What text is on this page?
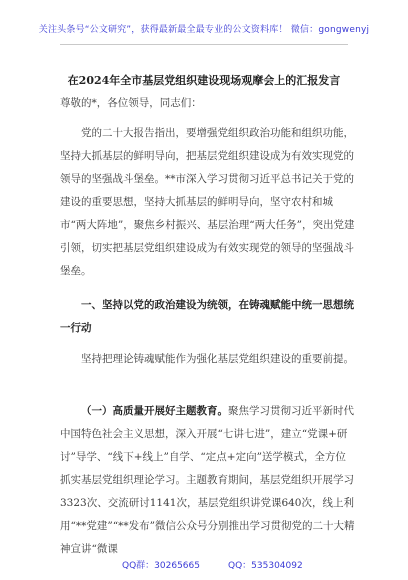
关注头条号“公文研究”，获得最新最全最专业的公文资料库！ 微信：gongwenyj
在2024年全市基层党组织建设现场观摩会上的汇报发言

尊敬的*，各位领导，同志们：

党的二十大报告指出，要增强党组织政治功能和组织功能，坚持大抓基层的鲜明导向，把基层党组织建设成为有效实现党的领导的坚强战斗堡垒。**市深入学习贯彻习近平总书记关于党的建设的重要思想，坚持大抓基层的鲜明导向，坚守农村和城市“两大阵地”，聚焦乡村振兴、基层治理“两大任务”，突出党建引领，切实把基层党组织建设成为有效实现党的领导的坚强战斗堡垒。

一、坚持以党的政治建设为统领，在铸魂赋能中统一思想统一行动

坚持把理论铸魂赋能作为强化基层党组织建设的重要前提。

（一）高质量开展好主题教育。聚焦学习贯彻习近平新时代中国特色社会主义思想，深入开展“七讲七进”，建立“党课+研讨”导学、“线下+线上”自学、“定点+定向”送学模式，全方位抓实基层党组织理论学习。主题教育期间，基层党组织开展学习3323次、交流研讨1141次，基层党组织讲党课640次，线上利用“**党建”“**发布”微信公众号分别推出学习贯彻党的二十大精神宣讲“微课

QQ群：30265665	QQ：535304092
